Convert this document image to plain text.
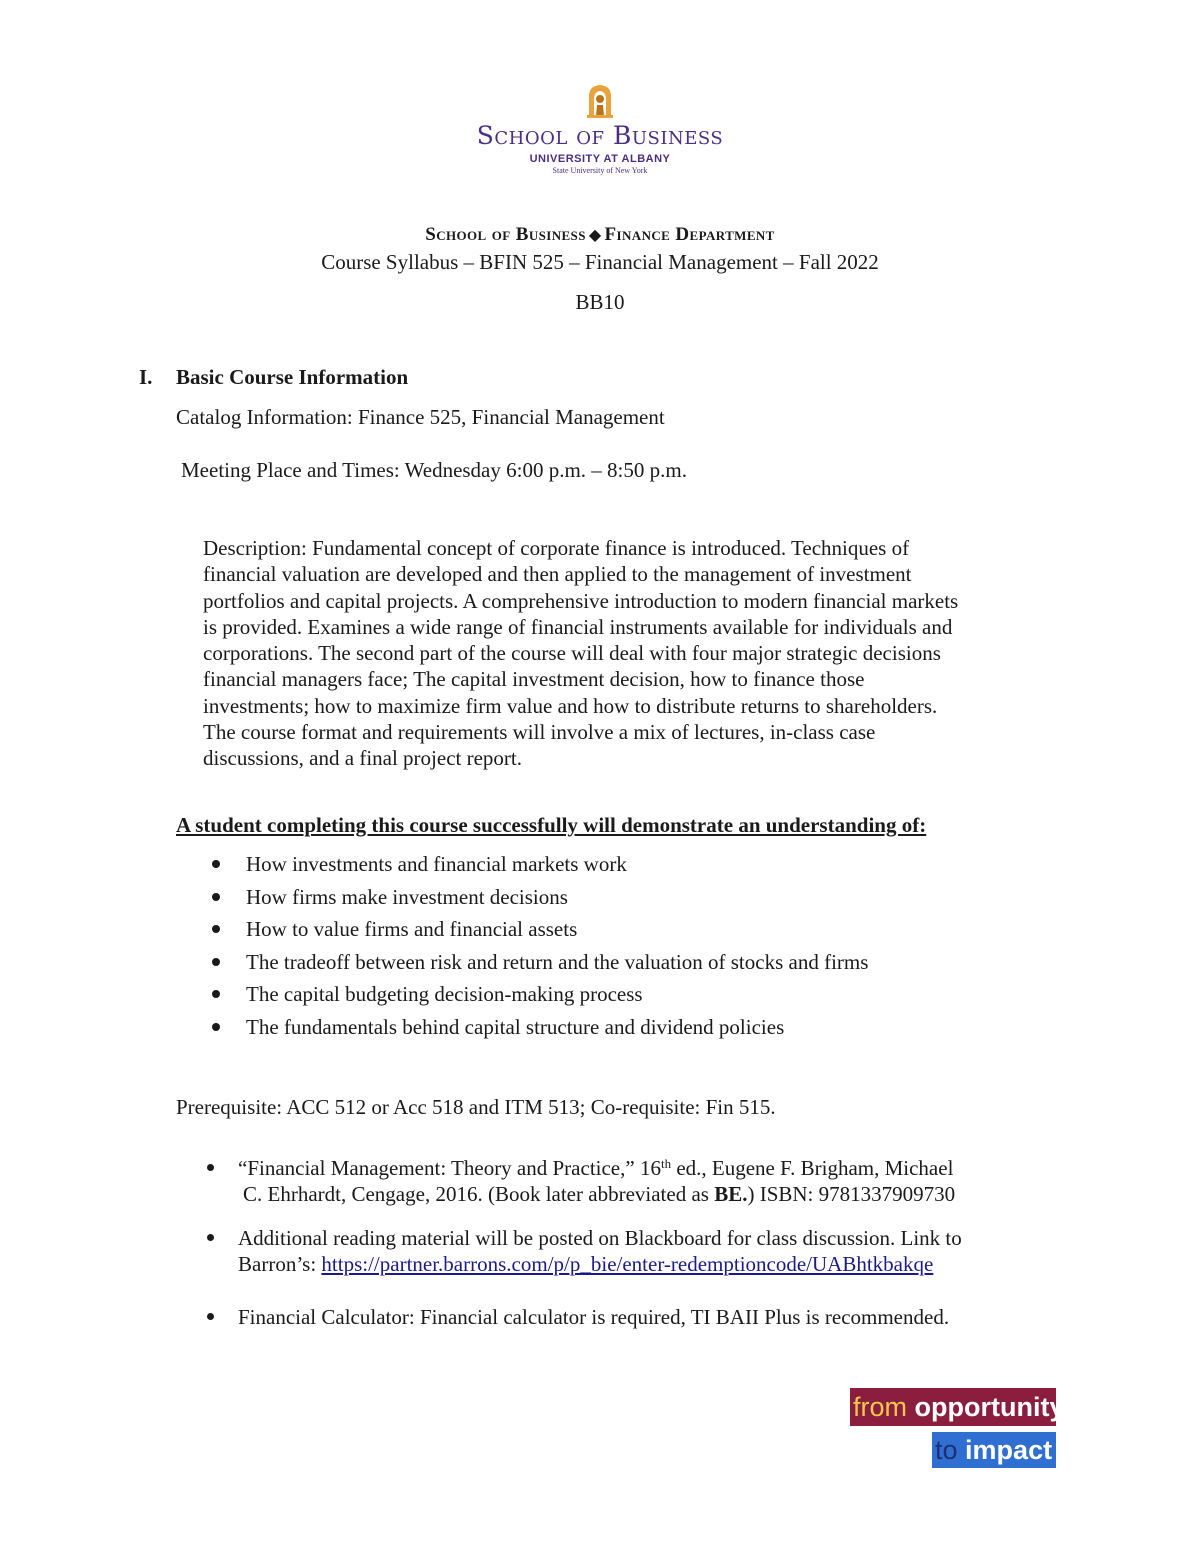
School of Business
UNIVERSITY AT ALBANY
State University of New York
School of Business ◆ Finance Department
Course Syllabus – BFIN 525 – Financial Management – Fall 2022
BB10
I. Basic Course Information
Catalog Information: Finance 525, Financial Management
Meeting Place and Times: Wednesday 6:00 p.m. – 8:50 p.m.
Description: Fundamental concept of corporate finance is introduced. Techniques of
financial valuation are developed and then applied to the management of investment
portfolios and capital projects. A comprehensive introduction to modern financial markets
is provided. Examines a wide range of financial instruments available for individuals and
corporations. The second part of the course will deal with four major strategic decisions
financial managers face; The capital investment decision, how to finance those
investments; how to maximize firm value and how to distribute returns to shareholders.
The course format and requirements will involve a mix of lectures, in-class case
discussions, and a final project report.
A student completing this course successfully will demonstrate an understanding of:
How investments and financial markets work
How firms make investment decisions
How to value firms and financial assets
The tradeoff between risk and return and the valuation of stocks and firms
The capital budgeting decision-making process
The fundamentals behind capital structure and dividend policies
Prerequisite: ACC 512 or Acc 518 and ITM 513; Co-requisite: Fin 515.
“Financial Management: Theory and Practice,” 16th ed., Eugene F. Brigham, Michael
C. Ehrhardt, Cengage, 2016. (Book later abbreviated as BE.) ISBN: 9781337909730
Additional reading material will be posted on Blackboard for class discussion. Link to
Barron’s: https://partner.barrons.com/p/p_bie/enter-redemptioncode/UABhtkbakqe
Financial Calculator: Financial calculator is required, TI BAII Plus is recommended.
from opportunity
to impact
